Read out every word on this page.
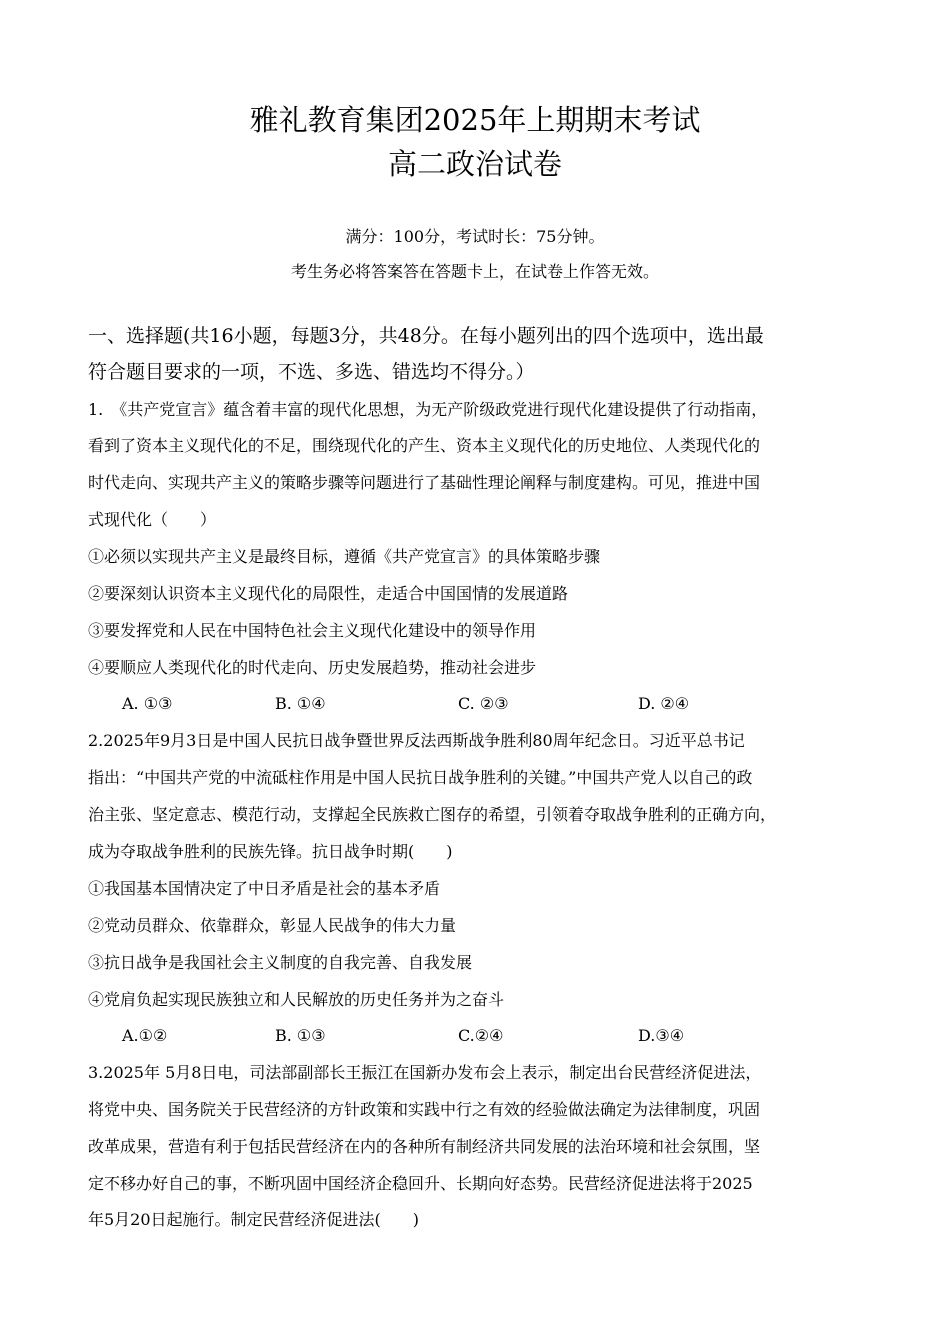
雅礼教育集团2025年上期期末考试
高二政治试卷
满分：100分，考试时长：75分钟。
考生务必将答案答在答题卡上，在试卷上作答无效。
一、选择题(共16小题，每题3分，共48分。在每小题列出的四个选项中，选出最
符合题目要求的一项，不选、多选、错选均不得分。）
1.　《共产党宣言》蕴含着丰富的现代化思想，为无产阶级政党进行现代化建设提供了行动指南，
看到了资本主义现代化的不足，围绕现代化的产生、资本主义现代化的历史地位、人类现代化的
时代走向、实现共产主义的策略步骤等问题进行了基础性理论阐释与制度建构。可见，推进中国
式现代化（　　）
①必须以实现共产主义是最终目标，遵循《共产党宣言》的具体策略步骤
②要深刻认识资本主义现代化的局限性，走适合中国国情的发展道路
③要发挥党和人民在中国特色社会主义现代化建设中的领导作用
④要顺应人类现代化的时代走向、历史发展趋势，推动社会进步
A. ①③	B. ①④	C. ②③	D. ②④
2.2025年9月3日是中国人民抗日战争暨世界反法西斯战争胜利80周年纪念日。习近平总书记
指出：“中国共产党的中流砥柱作用是中国人民抗日战争胜利的关键。”中国共产党人以自己的政
治主张、坚定意志、模范行动，支撑起全民族救亡图存的希望，引领着夺取战争胜利的正确方向，
成为夺取战争胜利的民族先锋。抗日战争时期(　　)
①我国基本国情决定了中日矛盾是社会的基本矛盾
②党动员群众、依靠群众，彰显人民战争的伟大力量
③抗日战争是我国社会主义制度的自我完善、自我发展
④党肩负起实现民族独立和人民解放的历史任务并为之奋斗
A.①②	B. ①③	C.②④	D.③④
3.2025年 5月8日电，司法部副部长王振江在国新办发布会上表示，制定出台民营经济促进法，
将党中央、国务院关于民营经济的方针政策和实践中行之有效的经验做法确定为法律制度，巩固
改革成果，营造有利于包括民营经济在内的各种所有制经济共同发展的法治环境和社会氛围，坚
定不移办好自己的事，不断巩固中国经济企稳回升、长期向好态势。民营经济促进法将于2025
年5月20日起施行。制定民营经济促进法(　　)
